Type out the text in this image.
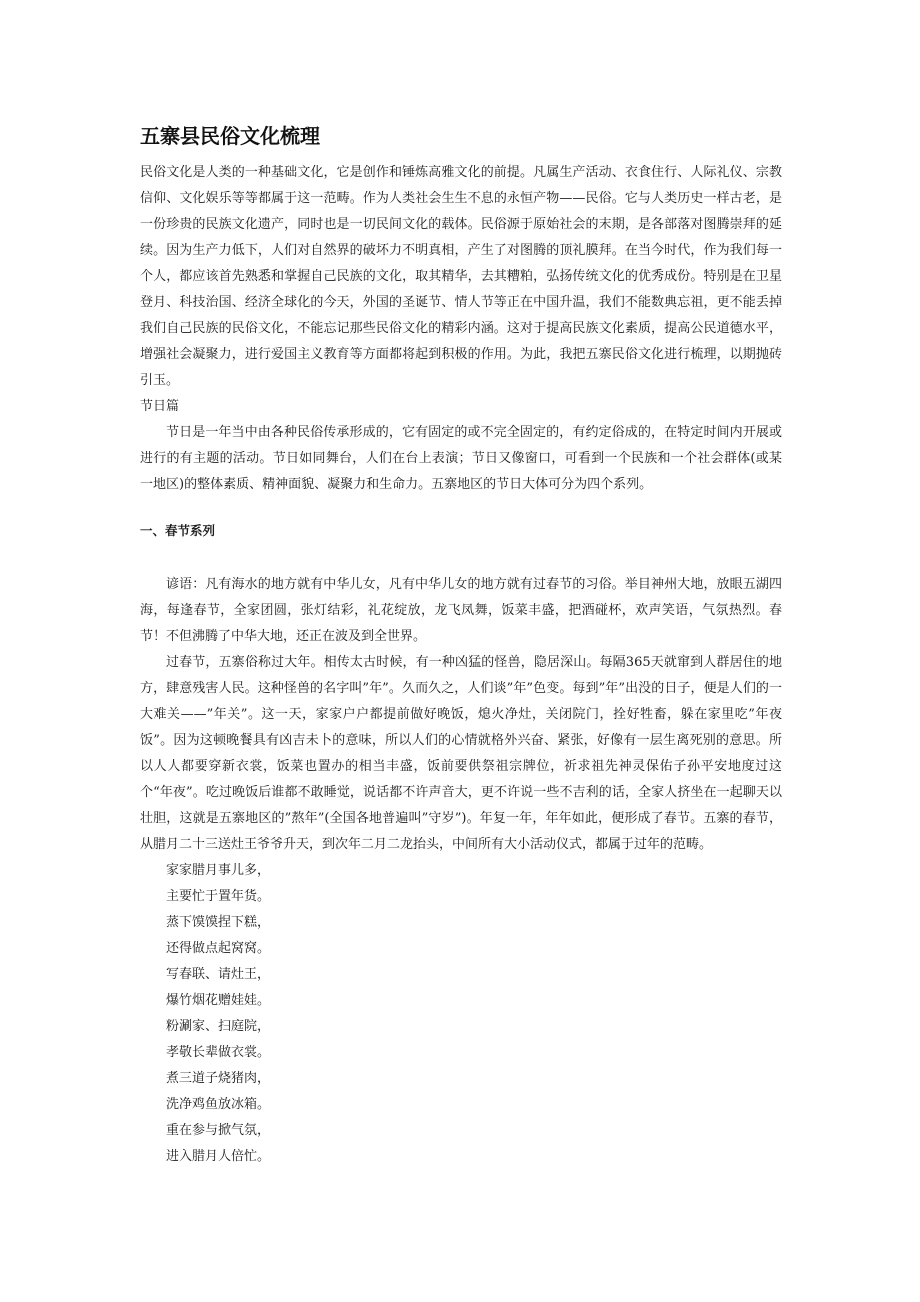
五寨县民俗文化梳理

民俗文化是人类的一种基础文化，它是创作和锤炼高雅文化的前提。凡属生产活动、衣食住行、人际礼仪、宗教信仰、文化娱乐等等都属于这一范畴。作为人类社会生生不息的永恒产物——民俗。它与人类历史一样古老，是一份珍贵的民族文化遗产，同时也是一切民间文化的载体。民俗源于原始社会的末期，是各部落对图腾崇拜的延续。因为生产力低下，人们对自然界的破坏力不明真相，产生了对图腾的顶礼膜拜。在当今时代，作为我们每一个人，都应该首先熟悉和掌握自己民族的文化，取其精华，去其糟粕，弘扬传统文化的优秀成份。特别是在卫星登月、科技治国、经济全球化的今天，外国的圣诞节、情人节等正在中国升温，我们不能数典忘祖，更不能丢掉我们自己民族的民俗文化，不能忘记那些民俗文化的精彩内涵。这对于提高民族文化素质，提高公民道德水平，增强社会凝聚力，进行爱国主义教育等方面都将起到积极的作用。为此，我把五寨民俗文化进行梳理，以期抛砖引玉。

节日篇

节日是一年当中由各种民俗传承形成的，它有固定的或不完全固定的，有约定俗成的，在特定时间内开展或进行的有主题的活动。节日如同舞台，人们在台上表演；节日又像窗口，可看到一个民族和一个社会群体(或某一地区)的整体素质、精神面貌、凝聚力和生命力。五寨地区的节日大体可分为四个系列。

一、春节系列

谚语：凡有海水的地方就有中华儿女，凡有中华儿女的地方就有过春节的习俗。举目神州大地，放眼五湖四海，每逢春节，全家团圆，张灯结彩，礼花绽放，龙飞凤舞，饭菜丰盛，把酒碰杯，欢声笑语，气氛热烈。春节！不但沸腾了中华大地，还正在波及到全世界。

过春节，五寨俗称过大年。相传太古时候，有一种凶猛的怪兽，隐居深山。每隔365天就窜到人群居住的地方，肆意残害人民。这种怪兽的名字叫”年”。久而久之，人们谈”年”色变。每到”年”出没的日子，便是人们的一大难关——”年关”。这一天，家家户户都提前做好晚饭，熄火净灶，关闭院门，拴好牲畜，躲在家里吃”年夜饭”。因为这顿晚餐具有凶吉未卜的意味，所以人们的心情就格外兴奋、紧张，好像有一层生离死别的意思。所以人人都要穿新衣裳，饭菜也置办的相当丰盛，饭前要供祭祖宗牌位，祈求祖先神灵保佑子孙平安地度过这个“年夜”。吃过晚饭后谁都不敢睡觉，说话都不许声音大，更不许说一些不吉利的话，全家人挤坐在一起聊天以壮胆，这就是五寨地区的”熬年”(全国各地普遍叫”守岁”)。年复一年，年年如此，便形成了春节。五寨的春节，从腊月二十三送灶王爷爷升天，到次年二月二龙抬头，中间所有大小活动仪式，都属于过年的范畴。

家家腊月事儿多，
主要忙于置年货。
蒸下馍馍捏下糕，
还得做点起窝窝。
写春联、请灶王，
爆竹烟花赠娃娃。
粉涮家、扫庭院，
孝敬长辈做衣裳。
煮三道子烧猪肉，
洗净鸡鱼放冰箱。
重在参与掀气氛，
进入腊月人倍忙。
